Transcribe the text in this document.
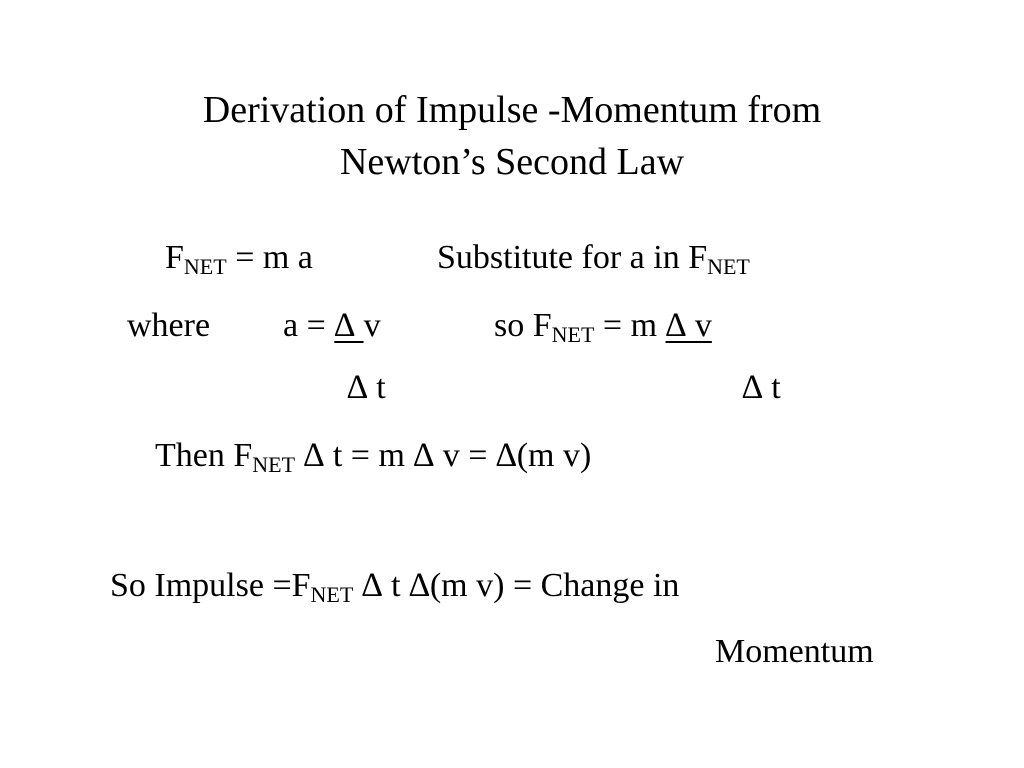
Derivation of Impulse -Momentum from
Newton’s Second Law
$F_{NET} = m$ a	Substitute for a in $F_{NET}$
where a = ∆ v	so $F_{NET} = m$ ∆ v
∆ t	∆ t
Then $F_{NET}$ ∆ t = m ∆ v = ∆(m v)
So Impulse $=F_{NET}$ ∆ t ∆(m v) = Change in
Momentum
